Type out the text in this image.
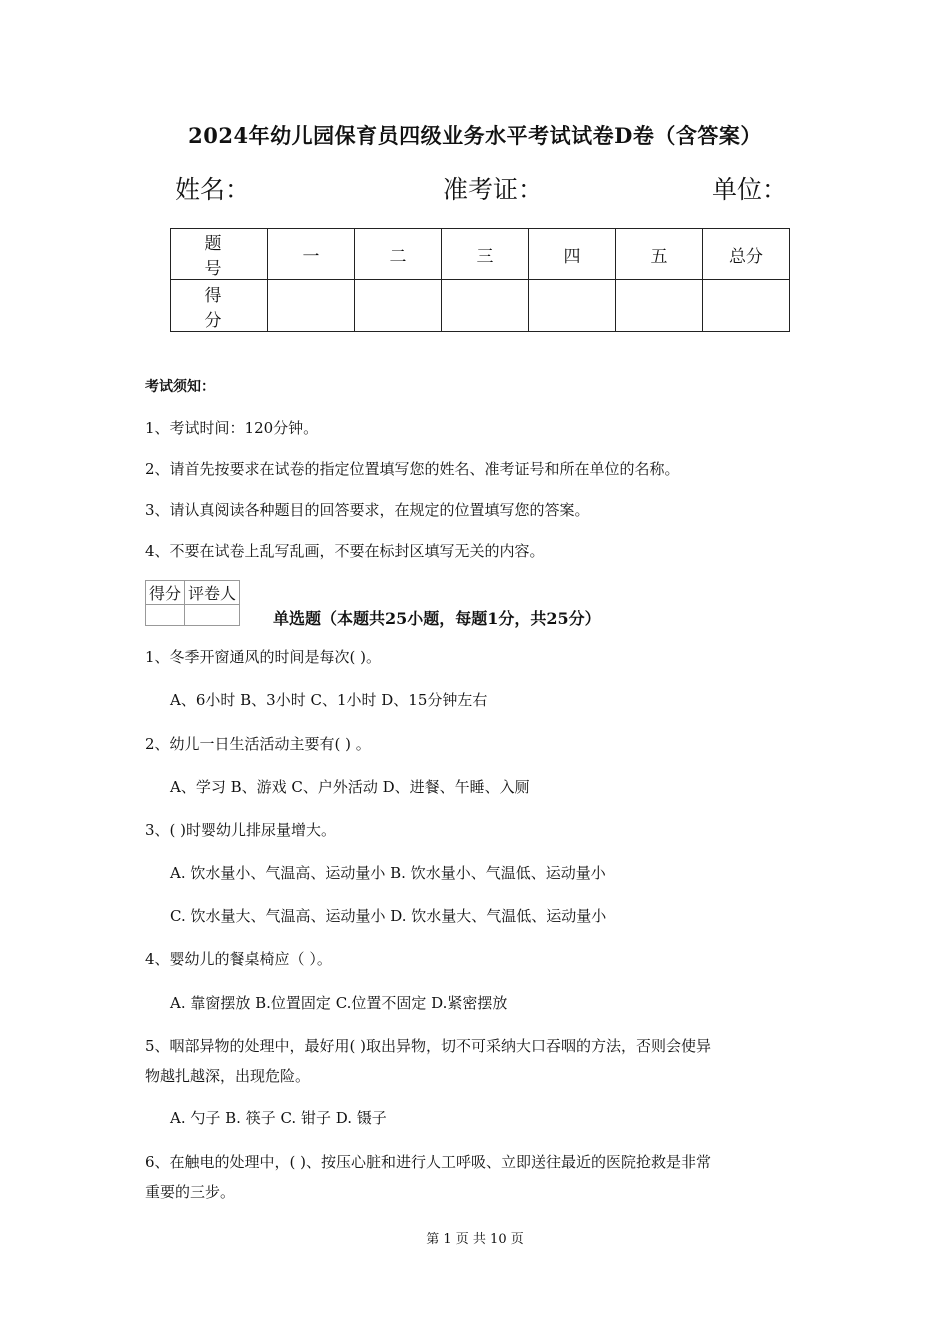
2024年幼儿园保育员四级业务水平考试试卷D卷（含答案）
姓名：	准考证：	单位：
题 号	一	二	三	四	五	总分
得 分						
考试须知：
1、考试时间：120分钟。
2、请首先按要求在试卷的指定位置填写您的姓名、准考证号和所在单位的名称。
3、请认真阅读各种题目的回答要求，在规定的位置填写您的答案。
4、不要在试卷上乱写乱画，不要在标封区填写无关的内容。
得分	评卷人

单选题（本题共25小题，每题1分，共25分）
1、冬季开窗通风的时间是每次( )。
A、6小时 B、3小时 C、1小时 D、15分钟左右
2、幼儿一日生活活动主要有( ) 。
A、学习 B、游戏 C、户外活动 D、进餐、午睡、入厕
3、( )时婴幼儿排尿量增大。
A. 饮水量小、气温高、运动量小 B. 饮水量小、气温低、运动量小
C. 饮水量大、气温高、运动量小 D. 饮水量大、气温低、运动量小
4、婴幼儿的餐桌椅应（ ）。
A. 靠窗摆放 B.位置固定 C.位置不固定 D.紧密摆放
5、咽部异物的处理中，最好用( )取出异物，切不可采纳大口吞咽的方法，否则会使异
物越扎越深，出现危险。
A. 勺子 B. 筷子 C. 钳子 D. 镊子
6、在触电的处理中，( )、按压心脏和进行人工呼吸、立即送往最近的医院抢救是非常
重要的三步。
第 1 页 共 10 页
